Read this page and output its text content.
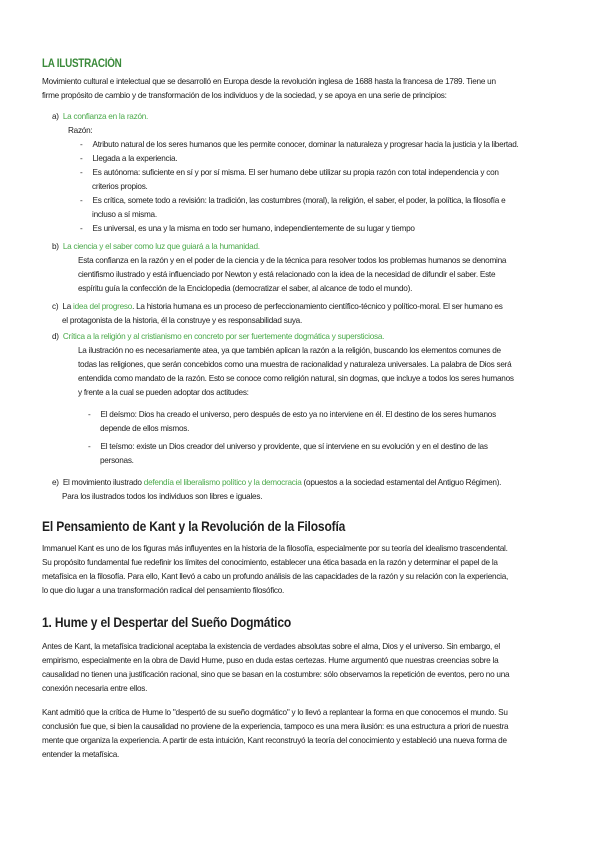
LA ILUSTRACIÓN
Movimiento cultural e intelectual que se desarrolló en Europa desde la revolución inglesa de 1688 hasta la francesa de 1789. Tiene un
firme propósito de cambio y de transformación de los individuos y de la sociedad, y se apoya en una serie de principios:
a) La confianza en la razón.
Razón:
- Atributo natural de los seres humanos que les permite conocer, dominar la naturaleza y progresar hacia la justicia y la libertad.
- Llegada a la experiencia.
- Es autónoma: suficiente en sí y por sí misma. El ser humano debe utilizar su propia razón con total independencia y con
criterios propios.
- Es crítica, somete todo a revisión: la tradición, las costumbres (moral), la religión, el saber, el poder, la política, la filosofía e
incluso a sí misma.
- Es universal, es una y la misma en todo ser humano, independientemente de su lugar y tiempo
b) La ciencia y el saber como luz que guiará a la humanidad.
Esta confianza en la razón y en el poder de la ciencia y de la técnica para resolver todos los problemas humanos se denomina
cientifismo ilustrado y está influenciado por Newton y está relacionado con la idea de la necesidad de difundir el saber. Este
espíritu guía la confección de la Enciclopedia (democratizar el saber, al alcance de todo el mundo).
c) La idea del progreso. La historia humana es un proceso de perfeccionamiento científico-técnico y político-moral. El ser humano es
el protagonista de la historia, él la construye y es responsabilidad suya.
d) Crítica a la religión y al cristianismo en concreto por ser fuertemente dogmática y supersticiosa.
La ilustración no es necesariamente atea, ya que también aplican la razón a la religión, buscando los elementos comunes de
todas las religiones, que serán concebidos como una muestra de racionalidad y naturaleza universales. La palabra de Dios será
entendida como mandato de la razón. Esto se conoce como religión natural, sin dogmas, que incluye a todos los seres humanos
y frente a la cual se pueden adoptar dos actitudes:
- El deísmo: Dios ha creado el universo, pero después de esto ya no interviene en él. El destino de los seres humanos
depende de ellos mismos.
- El teísmo: existe un Dios creador del universo y providente, que sí interviene en su evolución y en el destino de las
personas.
e) El movimiento ilustrado defendía el liberalismo político y la democracia (opuestos a la sociedad estamental del Antiguo Régimen).
Para los ilustrados todos los individuos son libres e iguales.
El Pensamiento de Kant y la Revolución de la Filosofía
Immanuel Kant es uno de los figuras más influyentes en la historia de la filosofía, especialmente por su teoría del idealismo trascendental.
Su propósito fundamental fue redefinir los límites del conocimiento, establecer una ética basada en la razón y determinar el papel de la
metafísica en la filosofía. Para ello, Kant llevó a cabo un profundo análisis de las capacidades de la razón y su relación con la experiencia,
lo que dio lugar a una transformación radical del pensamiento filosófico.
1. Hume y el Despertar del Sueño Dogmático
Antes de Kant, la metafísica tradicional aceptaba la existencia de verdades absolutas sobre el alma, Dios y el universo. Sin embargo, el
empirismo, especialmente en la obra de David Hume, puso en duda estas certezas. Hume argumentó que nuestras creencias sobre la
causalidad no tienen una justificación racional, sino que se basan en la costumbre: sólo observamos la repetición de eventos, pero no una
conexión necesaria entre ellos.
Kant admitió que la crítica de Hume lo "despertó de su sueño dogmático" y lo llevó a replantear la forma en que conocemos el mundo. Su
conclusión fue que, si bien la causalidad no proviene de la experiencia, tampoco es una mera ilusión: es una estructura a priori de nuestra
mente que organiza la experiencia. A partir de esta intuición, Kant reconstruyó la teoría del conocimiento y estableció una nueva forma de
entender la metafísica.
